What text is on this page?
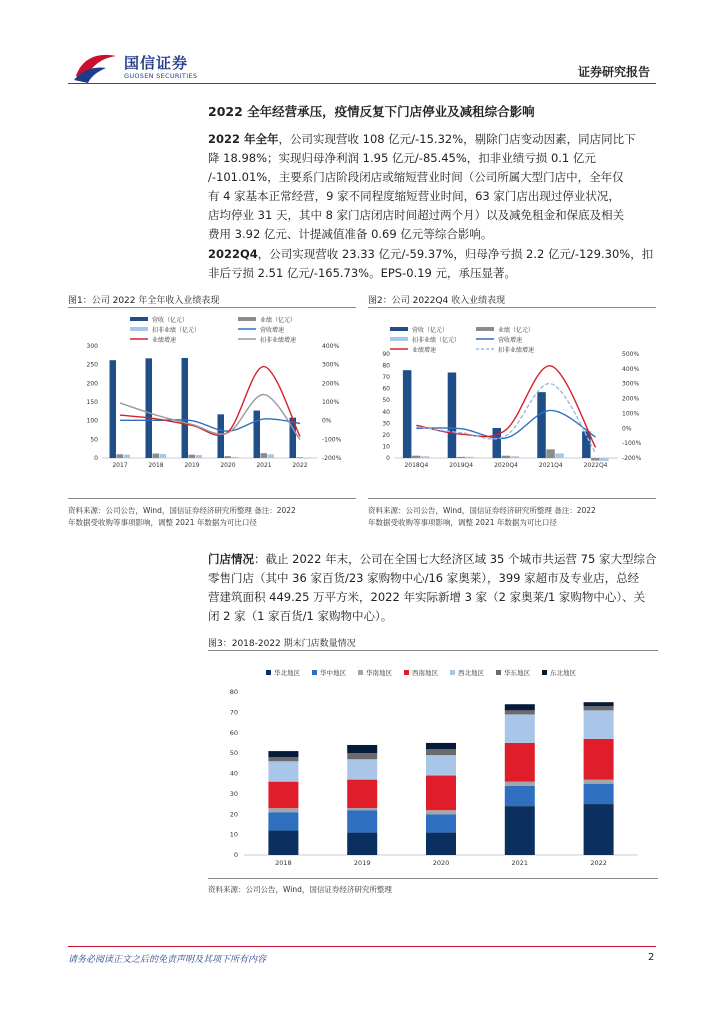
国信证券
GUOSEN SECURITIES	证券研究报告
2022 全年经营承压，疫情反复下门店停业及减租综合影响
2022 年全年，公司实现营收 108 亿元/-15.32%，剔除门店变动因素，同店同比下
降 18.98%；实现归母净利润 1.95 亿元/-85.45%，扣非业绩亏损 0.1 亿元
/-101.01%，主要系门店阶段闭店或缩短营业时间（公司所属大型门店中，全年仅
有 4 家基本正常经营，9 家不同程度缩短营业时间，63 家门店出现过停业状况，
店均停业 31 天，其中 8 家门店闭店时间超过两个月）以及减免租金和保底及相关
费用 3.92 亿元、计提减值准备 0.69 亿元等综合影响。
2022Q4，公司实现营收 23.33 亿元/-59.37%，归母净亏损 2.2 亿元/-129.30%，扣
非后亏损 2.51 亿元/-165.73%。EPS-0.19 元，承压显著。
图1：公司 2022 年全年收入业绩表现
营收（亿元）	业绩（亿元）
扣非业绩（亿元）	营收增速
业绩增速	扣非业绩增速
0
50
100
150
200
250
300
-200%
-100%
0%
100%
200%
300%
400%
2017	2018	2019	2020	2021	2022
资料来源：公司公告，Wind，国信证券经济研究所整理 备注：2022
年数据受收购等事项影响，调整 2021 年数据为可比口径
图2：公司 2022Q4 收入业绩表现
营收（亿元）	业绩（亿元）
扣非业绩（亿元）	营收增速
业绩增速	扣非业绩增速
0
10
20
30
40
50
60
70
80
90
-200%
-100%
0%
100%
200%
300%
400%
500%
2018Q4	2019Q4	2020Q4	2021Q4	2022Q4
资料来源：公司公告，Wind，国信证券经济研究所整理 备注：2022
年数据受收购等事项影响，调整 2021 年数据为可比口径
门店情况：截止 2022 年末，公司在全国七大经济区域 35 个城市共运营 75 家大型综合
零售门店（其中 36 家百货/23 家购物中心/16 家奥莱），399 家超市及专业店，总经
营建筑面积 449.25 万平方米，2022 年实际新增 3 家（2 家奥莱/1 家购物中心）、关
闭 2 家（1 家百货/1 家购物中心）。
图3：2018-2022 期末门店数量情况
华北地区	华中地区	华南地区	西南地区	西北地区	华东地区	东北地区
0
10
20
30
40
50
60
70
80
2018	2019	2020	2021	2022
资料来源：公司公告，Wind，国信证券经济研究所整理
请务必阅读正文之后的免责声明及其项下所有内容	2
